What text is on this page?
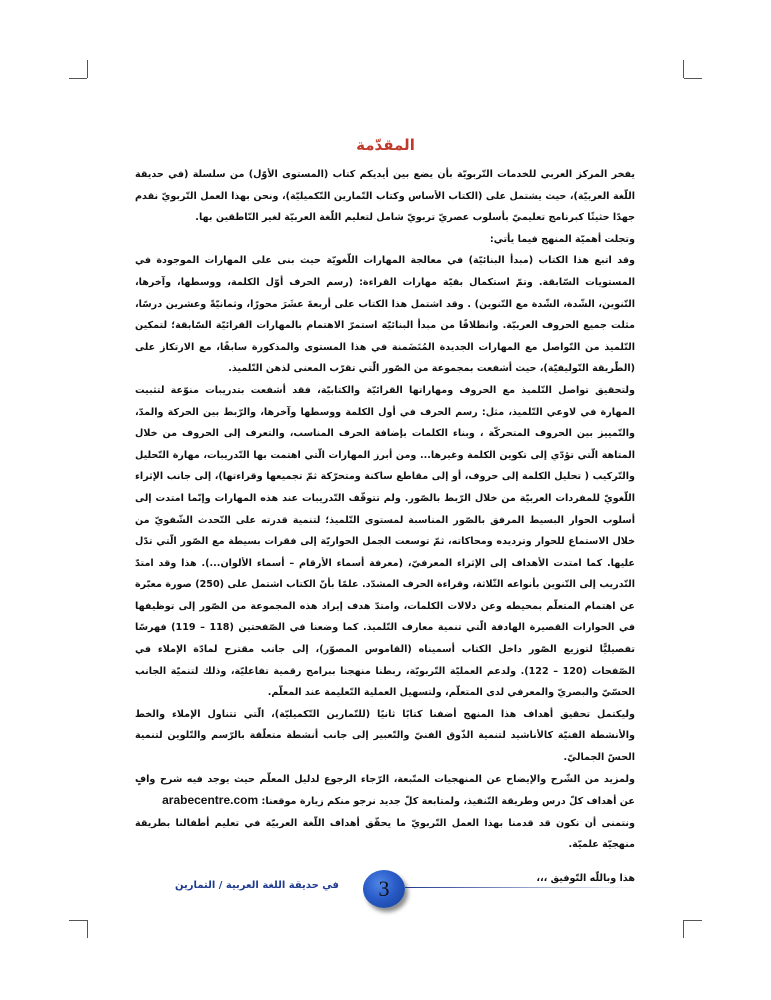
المقدّمة

يفخر المركز العربي للخدمات التّربويّة بأن يضع بين أيديكم كتاب (المستوى الأوّل) من سلسلة (في حديقة اللّغة العربيّة)، حيث يشتمل على (الكتاب الأساس وكتاب التّمارين التّكميليّة)، ونحن بهذا العمل التّربويّ نقدم جهدًا حثيثًا كبرنامج تعليميّ بأسلوب عصريّ تربويّ شامل لتعليم اللّغة العربيّة لغير النّاطقين بها.

وتجلت أهميّة المنهج فيما يأتي:

وقد اتبع هذا الكتاب (مبدأ البنائيّة) في معالجة المهارات اللّغويّة حيث بنى على المهارات الموجودة في المستويات السّابقة. وتمّ استكمال بقيّة مهارات القراءة: (رسم الحرف أوّل الكلمة، ووسطها، وآخرها، التّنوين، الشّدة، الشّدة مع التّنوين) . وقد اشتمل هذا الكتاب على أربعةَ عشَرَ محورًا، وثمانيّةً وعشرين درسًا، مثلت جميع الحروف العربيّة. وانطلاقًا من مبدأ البنائيّة استمرّ الاهتمام بالمهارات القرائيّة السّابقة؛ لتمكين التّلميذ من التّواصل مع المهارات الجديدة المُتَضَمنة في هذا المستوى والمذكورة سابقًا، مع الارتكاز على (الطّريقة التّوليفيّة)، حيث أشفعت بمجموعة من الصّور الّتي تقرّب المعنى لذهن التّلميذ.

ولتحقيق تواصل التّلميذ مع الحروف ومهاراتها القرائيّة والكتابيّة، فقد أشفعت بتدريبات منوّعة لتثبيت المهارة في لاوعي التّلميذ، مثل: رسم الحرف في أول الكلمة ووسطها وآخرها، والرّبط بين الحركة والمدّ، والتّمييز بين الحروف المتحركّة ، وبناء الكلمات بإضافة الحرف المناسب، والتعرف إلى الحروف من خلال المتاهة الّتي تؤدّي إلى تكوين الكلمة وغيرها... ومن أبرز المهارات الّتي اهتمت بها التّدريبات، مهارة التّحليل والتّركيب ( تحليل الكلمة إلى حروف، أو إلى مقاطع ساكنة ومتحرّكة ثمّ تجميعها وقراءتها)، إلى جانب الإثراء اللّغويّ للمفردات العربيّة من خلال الرّبط بالصّور. ولم تتوقّف التّدريبات عند هذه المهارات وإنّما امتدت إلى أسلوب الحوار البسيط المرفق بالصّور المناسبة لمستوى التّلميذ؛ لتنمية قدرته على التّحدث الشّفويّ من خلال الاستماع للحوار وترديده ومحاكاته، ثمّ توسعت الجمل الحواريّة إلى فقرات بسيطة مع الصّور الّتي تدّل عليها. كما امتدت الأهداف إلى الإثراء المعرفيّ، (معرفة أسماء الأرقام – أسماء الألوان...). هذا وقد امتدّ التّدريب إلى التّنوين بأنواعه الثّلاثة، وقراءة الحرف المشدّد. علمًا بأنّ الكتاب اشتمل على (250) صورة معبّرة عن اهتمام المتعلّم بمحيطه وعن دلالات الكلمات، وامتدّ هدف إيراد هذه المجموعة من الصّور إلى توظيفها في الحوارات القصيرة الهادفة الّتي تنمية معارف التّلميذ. كما وضعنا في الصّفحتين (118 – 119) فهرسًا تفصيليًّا لتوزيع الصّور داخل الكتاب أسميناه (القاموس المصوّر)، إلى جانب مقترح لمادّة الإملاء في الصّفحات (120 – 122). ولدعم العمليّة التّربويّة، ربطنا منهجنا ببرامج رقمية تفاعليّة، وذلك لتنميّة الجانب الحسّيّ والبصريّ والمعرفي لدى المتعلّم، ولتسهيل العملية التّعليمة عند المعلّم.

وليكتمل تحقيق أهداف هذا المنهج أضفنا كتابًا ثانيًا (للتّمارين التّكميليّة)، الّتي تتناول الإملاء والخط والأنشطة الفنيّة كالأناشيد لتنمية الذّوق الفنيّ والتّعبير إلى جانب أنشطة متعلّقة بالرّسم والتّلوين لتنمية الحسّ الجماليّ.

ولمزيد من الشّرح والإيضاح عن المنهجيات المتّبعة، الرّجاء الرجوع لدليل المعلّم حيث يوجد فيه شرح وافٍ عن أهداف كلّ درس وطريقة التّنفيذ، ولمتابعة كلّ جديد نرجو منكم زيارة موقعنا: arabecentre.com

ونتمنى أن نكون قد قدمنا بهذا العمل التّربويّ ما يحقّق أهداف اللّغة العربيّة في تعليم أطفالنا بطريقة منهجيّة علميّة.

هذا وباللّه التّوفيق ،،،

في حديقة اللغة العربية / التمارين	3
